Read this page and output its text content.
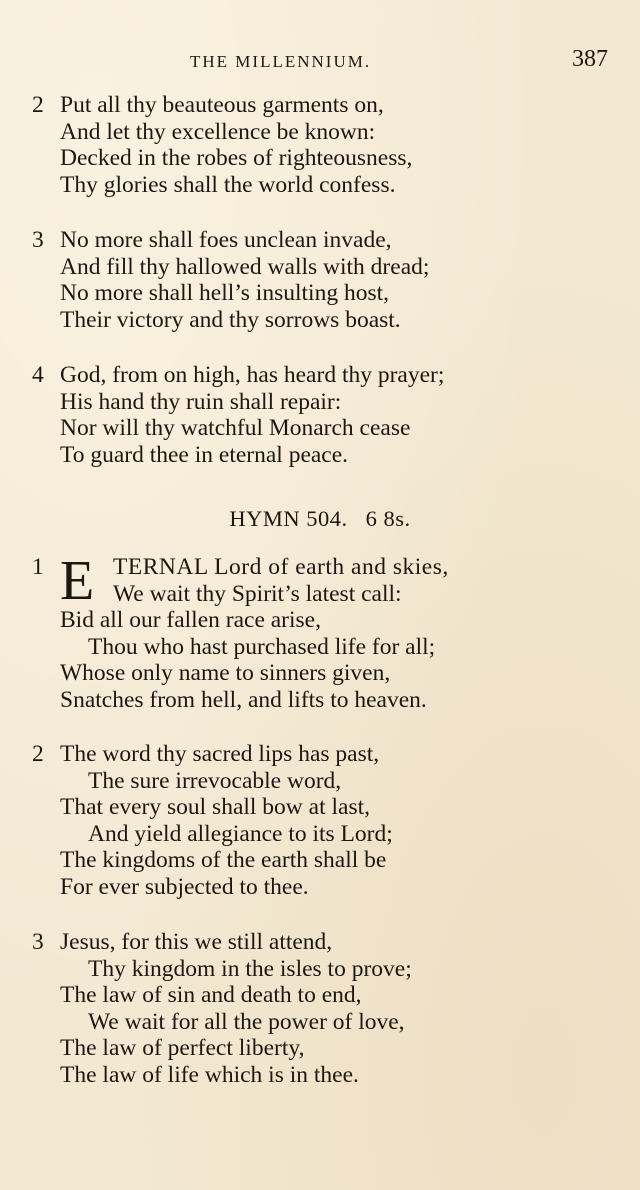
THE MILLENNIUM.	387
2 Put all thy beauteous garments on,
And let thy excellence be known:
Decked in the robes of righteousness,
Thy glories shall the world confess.
3 No more shall foes unclean invade,
And fill thy hallowed walls with dread;
No more shall hell’s insulting host,
Their victory and thy sorrows boast.
4 God, from on high, has heard thy prayer;
His hand thy ruin shall repair:
Nor will thy watchful Monarch cease
To guard thee in eternal peace.
HYMN 504. 6 8s.
1 E TERNAL Lord of earth and skies,
We wait thy Spirit’s latest call:
Bid all our fallen race arise,
Thou who hast purchased life for all;
Whose only name to sinners given,
Snatches from hell, and lifts to heaven.
2 The word thy sacred lips has past,
The sure irrevocable word,
That every soul shall bow at last,
And yield allegiance to its Lord;
The kingdoms of the earth shall be
For ever subjected to thee.
3 Jesus, for this we still attend,
Thy kingdom in the isles to prove;
The law of sin and death to end,
We wait for all the power of love,
The law of perfect liberty,
The law of life which is in thee.
